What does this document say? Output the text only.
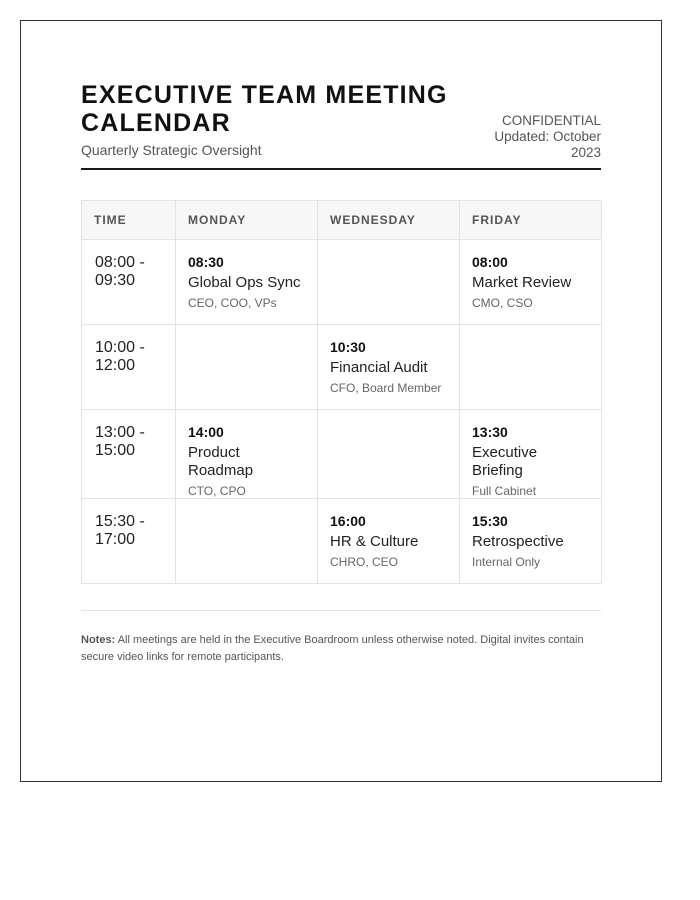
EXECUTIVE TEAM MEETING CALENDAR
Quarterly Strategic Oversight
CONFIDENTIAL
Updated: October 2023
TIME	MONDAY	WEDNESDAY	FRIDAY
08:00 - 09:30	08:30
Global Ops Sync
CEO, COO, VPs		08:00
Market Review
CMO, CSO

10:00 - 12:00		10:30
Financial Audit
CFO, Board Member	

13:00 - 15:00	14:00
Product Roadmap
CTO, CPO		13:30
Executive Briefing
Full Cabinet

15:30 - 17:00		16:00
HR & Culture
CHRO, CEO	15:30
Retrospective
Internal Only
Notes: All meetings are held in the Executive Boardroom unless otherwise noted. Digital invites contain secure video links for remote participants.
